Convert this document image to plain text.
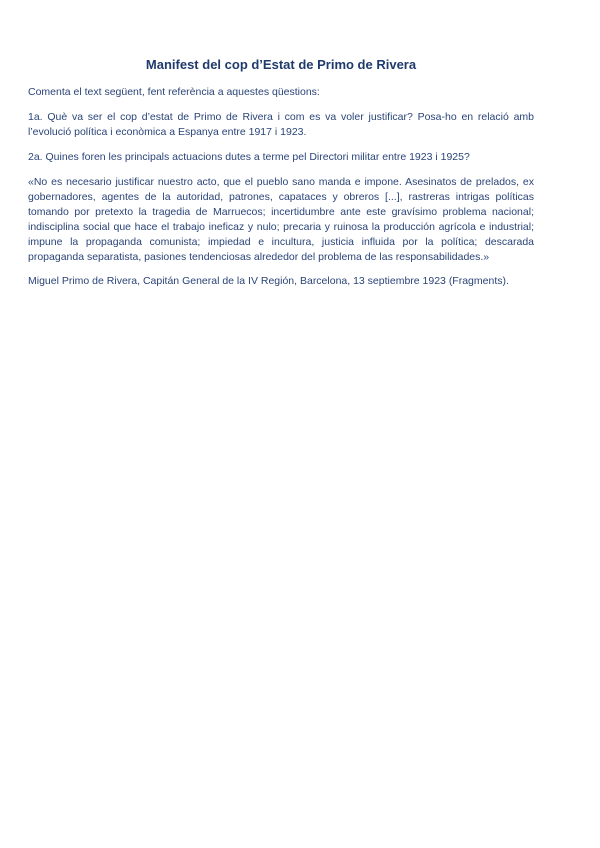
Manifest del cop d’Estat de Primo de Rivera

Comenta el text següent, fent referència a aquestes qüestions:

1a. Què va ser el cop d’estat de Primo de Rivera i com es va voler justificar? Posa-ho en relació amb l’evolució política i econòmica a Espanya entre 1917 i 1923.

2a. Quines foren les principals actuacions dutes a terme pel Directori militar entre 1923 i 1925?

«No es necesario justificar nuestro acto, que el pueblo sano manda e impone. Asesinatos de prelados, ex gobernadores, agentes de la autoridad, patrones, capataces y obreros [...], rastreras intrigas políticas tomando por pretexto la tragedia de Marruecos; incertidumbre ante este gravísimo problema nacional; indisciplina social que hace el trabajo ineficaz y nulo; precaria y ruinosa la producción agrícola e industrial; impune la propaganda comunista; impiedad e incultura, justicia influida por la política; descarada propaganda separatista, pasiones tendenciosas alrededor del problema de las responsabilidades.»

Miguel Primo de Rivera, Capitán General de la IV Región, Barcelona, 13 septiembre 1923 (Fragments).
